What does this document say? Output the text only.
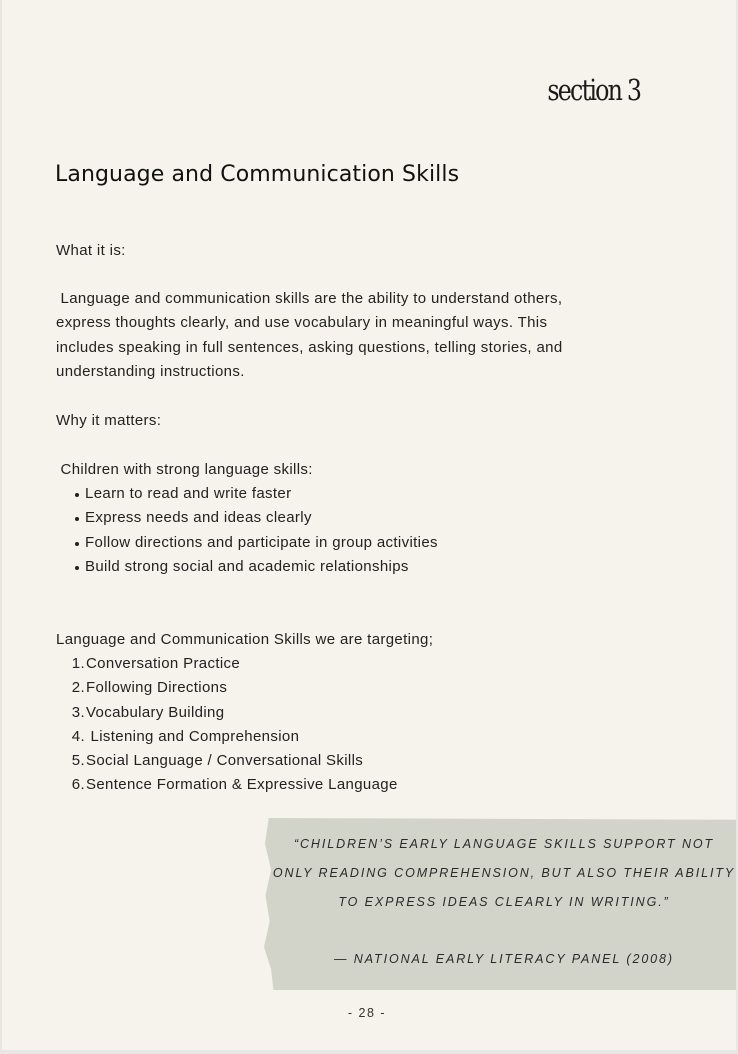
section 3
Language and Communication Skills

What it is:

Language and communication skills are the ability to understand others, express thoughts clearly, and use vocabulary in meaningful ways. This includes speaking in full sentences, asking questions, telling stories, and understanding instructions.

Why it matters:

Children with strong language skills:

Learn to read and write faster
Express needs and ideas clearly
Follow directions and participate in group activities
Build strong social and academic relationships

Language and Communication Skills we are targeting;

1. Conversation Practice
2. Following Directions
3. Vocabulary Building
4. Listening and Comprehension
5. Social Language / Conversational Skills
6. Sentence Formation & Expressive Language

“CHILDREN’S EARLY LANGUAGE SKILLS SUPPORT NOT ONLY READING COMPREHENSION, BUT ALSO THEIR ABILITY TO EXPRESS IDEAS CLEARLY IN WRITING.”

— NATIONAL EARLY LITERACY PANEL (2008)

- 28 -
